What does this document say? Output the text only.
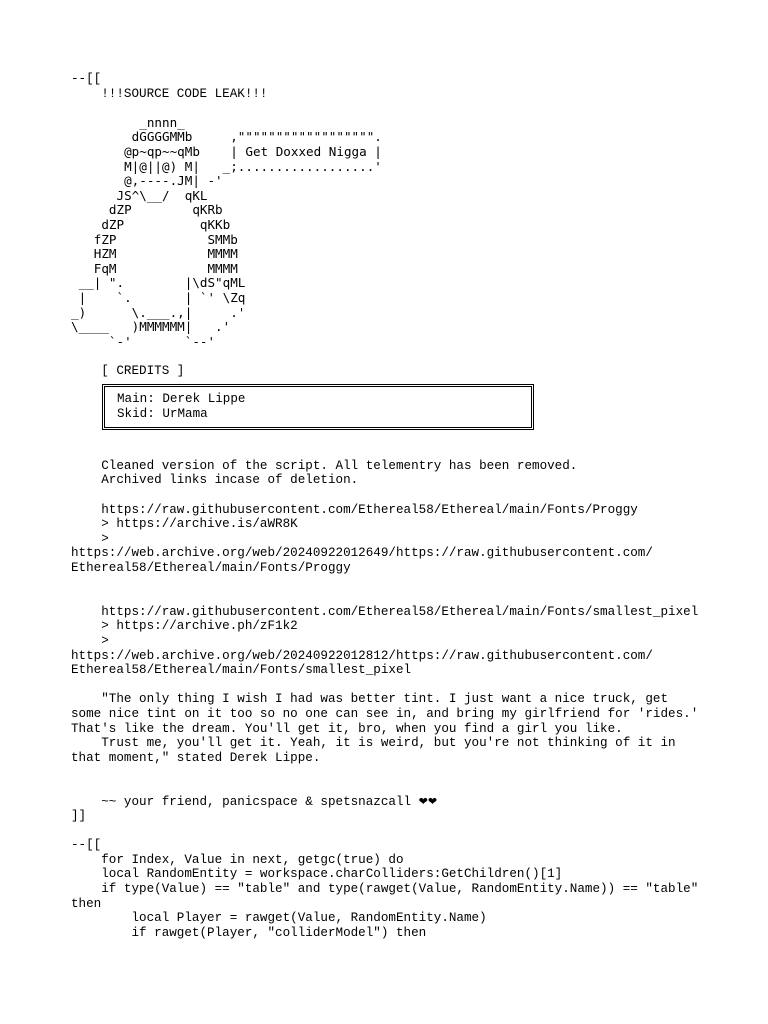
--[[
!!!SOURCE CODE LEAK!!!
_nnnn_
dGGGGMMb     ,"""""""""""""""""".
@p~qp~~qMb    | Get Doxxed Nigga |
M|@||@) M|   _;..................'
@,----.JM| -'
JS^\__/  qKL
dZP        qKRb
dZP          qKKb
fZP            SMMb
HZM            MMMM
FqM            MMMM
__| ".        |\dS"qML
|    `.       | `' \Zq
_)      \.___.,|     .'
\____   )MMMMMM|   .'
`-'       `--'
[ CREDITS ]
Main: Derek Lippe
Skid: UrMama
Cleaned version of the script. All telementry has been removed.
Archived links incase of deletion.
https://raw.githubusercontent.com/Ethereal58/Ethereal/main/Fonts/Proggy
> https://archive.is/aWR8K
>
https://web.archive.org/web/20240922012649/https://raw.githubusercontent.com/
Ethereal58/Ethereal/main/Fonts/Proggy
https://raw.githubusercontent.com/Ethereal58/Ethereal/main/Fonts/smallest_pixel
> https://archive.ph/zF1k2
>
https://web.archive.org/web/20240922012812/https://raw.githubusercontent.com/
Ethereal58/Ethereal/main/Fonts/smallest_pixel
"The only thing I wish I had was better tint. I just want a nice truck, get
some nice tint on it too so no one can see in, and bring my girlfriend for 'rides.'
That's like the dream. You'll get it, bro, when you find a girl you like.
Trust me, you'll get it. Yeah, it is weird, but you're not thinking of it in
that moment," stated Derek Lippe.
~~ your friend, panicspace & spetsnazcall ❤❤
]]
--[[
for Index, Value in next, getgc(true) do
local RandomEntity = workspace.charColliders:GetChildren()[1]
if type(Value) == "table" and type(rawget(Value, RandomEntity.Name)) == "table"
then
local Player = rawget(Value, RandomEntity.Name)
if rawget(Player, "colliderModel") then
